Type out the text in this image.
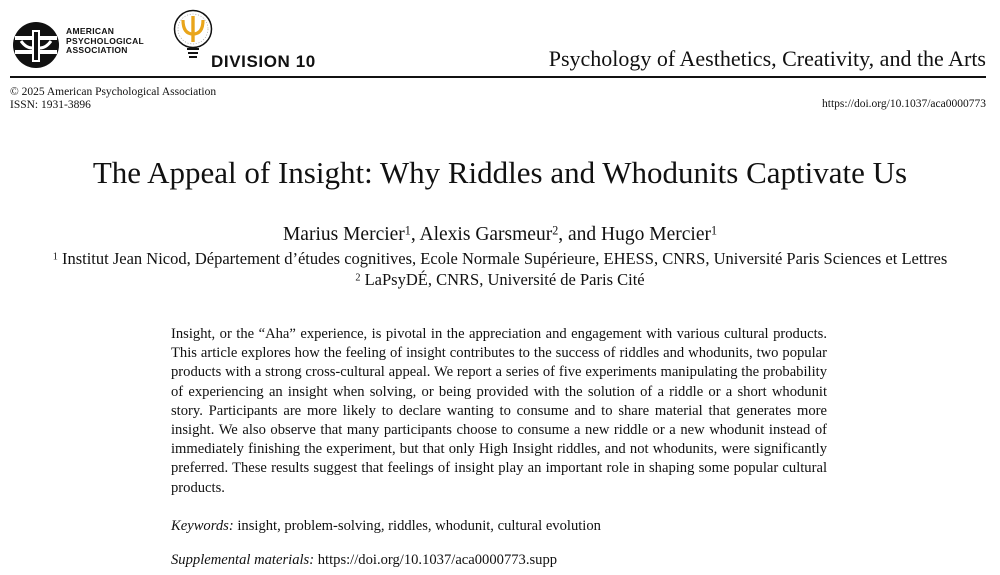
AMERICAN
PSYCHOLOGICAL
ASSOCIATION
DIVISION 10	Psychology of Aesthetics, Creativity, and the Arts
© 2025 American Psychological Association
ISSN: 1931-3896	https://doi.org/10.1037/aca0000773
The Appeal of Insight: Why Riddles and Whodunits Captivate Us
Marius Mercier$^1$, Alexis Garsmeur$^2$, and Hugo Mercier$^1$
$^1$ Institut Jean Nicod, Département d’études cognitives, Ecole Normale Supérieure, EHESS, CNRS, Université Paris Sciences et Lettres
$^2$ LaPsyDÉ, CNRS, Université de Paris Cité

Insight, or the “Aha” experience, is pivotal in the appreciation and engagement with various cultural products. This article explores how the feeling of insight contributes to the success of riddles and whodunits, two popular products with a strong cross-cultural appeal. We report a series of five experiments manipulating the probability of experiencing an insight when solving, or being provided with the solution of a riddle or a short whodunit story. Participants are more likely to declare wanting to consume and to share material that generates more insight. We also observe that many participants choose to consume a new riddle or a new whodunit instead of immediately finishing the experiment, but that only High Insight riddles, and not whodunits, were significantly preferred. These results suggest that feelings of insight play an important role in shaping some popular cultural products.

Keywords: insight, problem-solving, riddles, whodunit, cultural evolution
Supplemental materials: https://doi.org/10.1037/aca0000773.supp
